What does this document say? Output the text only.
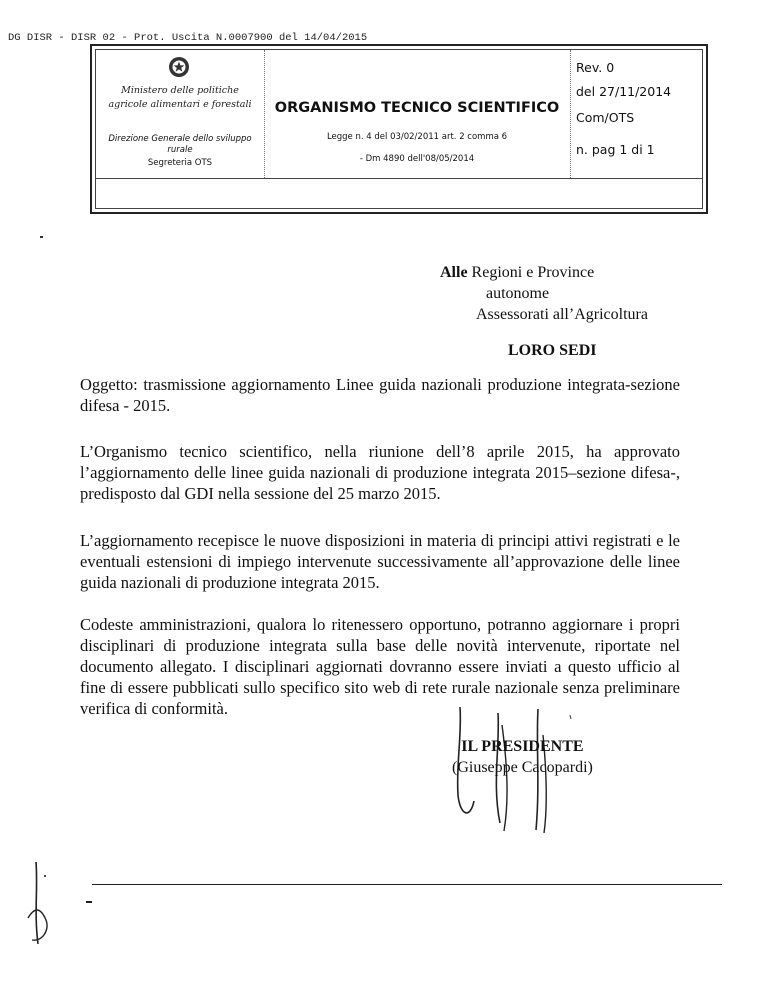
DG DISR - DISR 02 - Prot. Uscita N.0007900 del 14/04/2015
Ministero delle politiche
agricole alimentari e forestali
Direzione Generale dello sviluppo
rurale
Segreteria OTS
ORGANISMO TECNICO SCIENTIFICO
Legge n. 4 del 03/02/2011 art. 2 comma 6
- Dm 4890 dell'08/05/2014
Rev. 0
del 27/11/2014
Com/OTS
n. pag 1 di 1
Alle Regioni e Province
autonome
Assessorati all’Agricoltura
LORO SEDI

Oggetto: trasmissione aggiornamento Linee guida nazionali produzione integrata-sezione difesa - 2015.

L’Organismo tecnico scientifico, nella riunione dell’8 aprile 2015, ha approvato l’aggiornamento delle linee guida nazionali di produzione integrata 2015–sezione difesa-, predisposto dal GDI nella sessione del 25 marzo 2015.

L’aggiornamento recepisce le nuove disposizioni in materia di principi attivi registrati e le eventuali estensioni di impiego intervenute successivamente all’approvazione delle linee guida nazionali di produzione integrata 2015.

Codeste amministrazioni, qualora lo ritenessero opportuno, potranno aggiornare i propri disciplinari di produzione integrata sulla base delle novità intervenute, riportate nel documento allegato. I disciplinari aggiornati dovranno essere inviati a questo ufficio al fine di essere pubblicati sullo specifico sito web di rete rurale nazionale senza preliminare verifica di conformità.

IL PRESIDENTE
(Giuseppe Cacopardi)
